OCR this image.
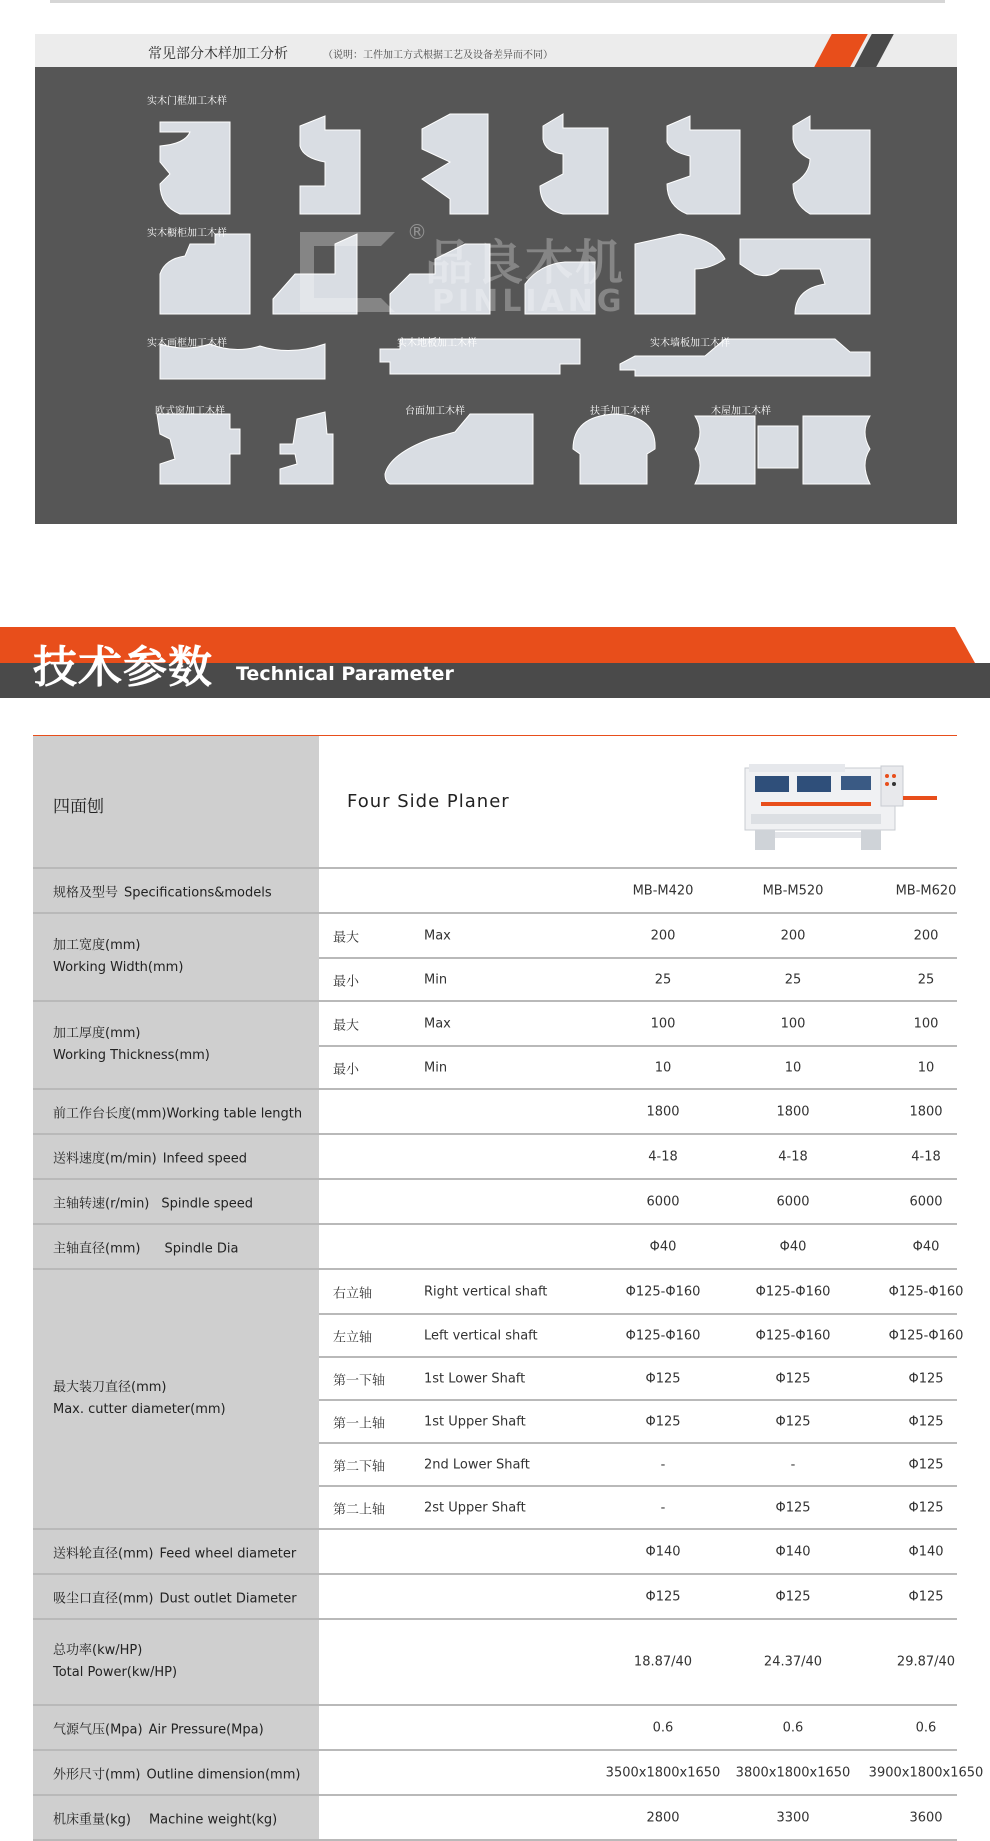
常见部分木样加工分析	（说明：工件加工方式根据工艺及设备差异而不同）
实木门框加工木样
实木橱柜加工木样
实木画框加工木样	实木地板加工木样	实木墙板加工木样
欧式窗加工木样	台面加工木样	扶手加工木样	木屋加工木样
®
品良木机
PINLIANG
技术参数 Technical Parameter
四面刨	Four Side Planer
规格及型号 Specifications&models	MB-M420	MB-M520	MB-M620
加工宽度(mm)
Working Width(mm)
最大	Max	200	200	200
最小	Min	25	25	25
加工厚度(mm)
Working Thickness(mm)
最大	Max	100	100	100
最小	Min	10	10	10
前工作台长度(mm)Working table length	1800	1800	1800
送料速度(m/min) Infeed speed	4-18	4-18	4-18
主轴转速(r/min) Spindle speed	6000	6000	6000
主轴直径(mm) Spindle Dia	Φ40	Φ40	Φ40
最大装刀直径(mm)
Max. cutter diameter(mm)
右立轴	Right vertical shaft	Φ125-Φ160	Φ125-Φ160	Φ125-Φ160
左立轴	Left vertical shaft	Φ125-Φ160	Φ125-Φ160	Φ125-Φ160
第一下轴	1st Lower Shaft	Φ125	Φ125	Φ125
第一上轴	1st Upper Shaft	Φ125	Φ125	Φ125
第二下轴	2nd Lower Shaft	-	-	Φ125
第二上轴	2st Upper Shaft	-	Φ125	Φ125
送料轮直径(mm) Feed wheel diameter	Φ140	Φ140	Φ140
吸尘口直径(mm) Dust outlet Diameter	Φ125	Φ125	Φ125
总功率(kw/HP)
Total Power(kw/HP)
18.87/40	24.37/40	29.87/40
气源气压(Mpa) Air Pressure(Mpa)	0.6	0.6	0.6
外形尺寸(mm) Outline dimension(mm)	3500x1800x1650 3800x1800x1650 3900x1800x1650
机床重量(kg) Machine weight(kg)	2800	3300	3600
